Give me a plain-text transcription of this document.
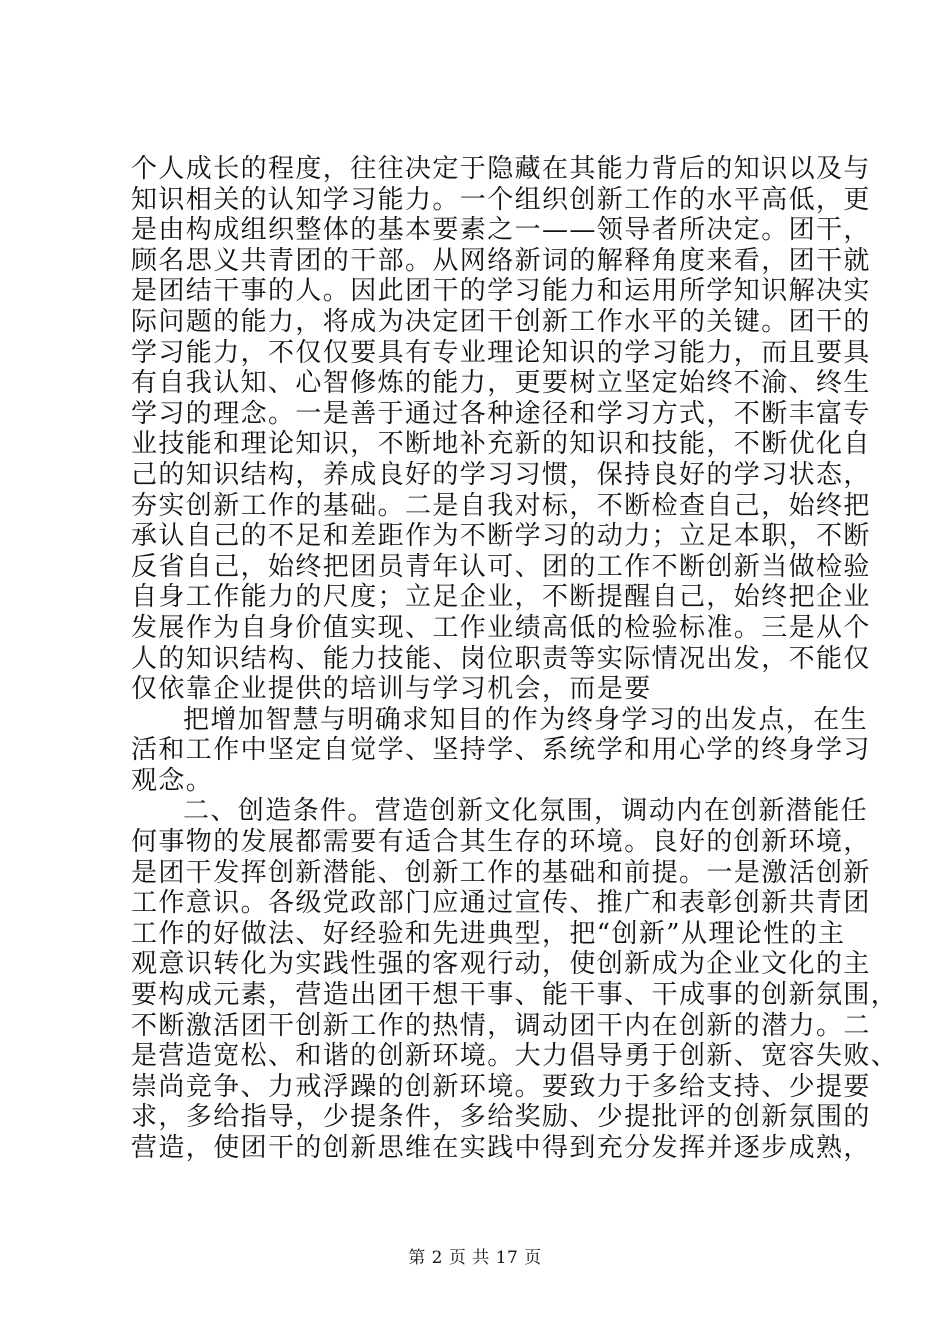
个人成长的程度，往往决定于隐藏在其能力背后的知识以及与
知识相关的认知学习能力。一个组织创新工作的水平高低，更
是由构成组织整体的基本要素之一——领导者所决定。团干，
顾名思义共青团的干部。从网络新词的解释角度来看，团干就
是团结干事的人。因此团干的学习能力和运用所学知识解决实
际问题的能力，将成为决定团干创新工作水平的关键。团干的
学习能力，不仅仅要具有专业理论知识的学习能力，而且要具
有自我认知、心智修炼的能力，更要树立坚定始终不渝、终生
学习的理念。一是善于通过各种途径和学习方式，不断丰富专
业技能和理论知识，不断地补充新的知识和技能，不断优化自
己的知识结构，养成良好的学习习惯，保持良好的学习状态，
夯实创新工作的基础。二是自我对标，不断检查自己，始终把
承认自己的不足和差距作为不断学习的动力；立足本职，不断
反省自己，始终把团员青年认可、团的工作不断创新当做检验
自身工作能力的尺度；立足企业，不断提醒自己，始终把企业
发展作为自身价值实现、工作业绩高低的检验标准。三是从个
人的知识结构、能力技能、岗位职责等实际情况出发，不能仅
仅依靠企业提供的培训与学习机会，而是要
把增加智慧与明确求知目的作为终身学习的出发点，在生
活和工作中坚定自觉学、坚持学、系统学和用心学的终身学习
观念。
二、创造条件。营造创新文化氛围，调动内在创新潜能任
何事物的发展都需要有适合其生存的环境。良好的创新环境，
是团干发挥创新潜能、创新工作的基础和前提。一是激活创新
工作意识。各级党政部门应通过宣传、推广和表彰创新共青团
工作的好做法、好经验和先进典型，把“创新”从理论性的主
观意识转化为实践性强的客观行动，使创新成为企业文化的主
要构成元素，营造出团干想干事、能干事、干成事的创新氛围，
不断激活团干创新工作的热情，调动团干内在创新的潜力。二
是营造宽松、和谐的创新环境。大力倡导勇于创新、宽容失败、
崇尚竞争、力戒浮躁的创新环境。要致力于多给支持、少提要
求，多给指导，少提条件，多给奖励、少提批评的创新氛围的
营造，使团干的创新思维在实践中得到充分发挥并逐步成熟，
第 2 页 共 17 页
